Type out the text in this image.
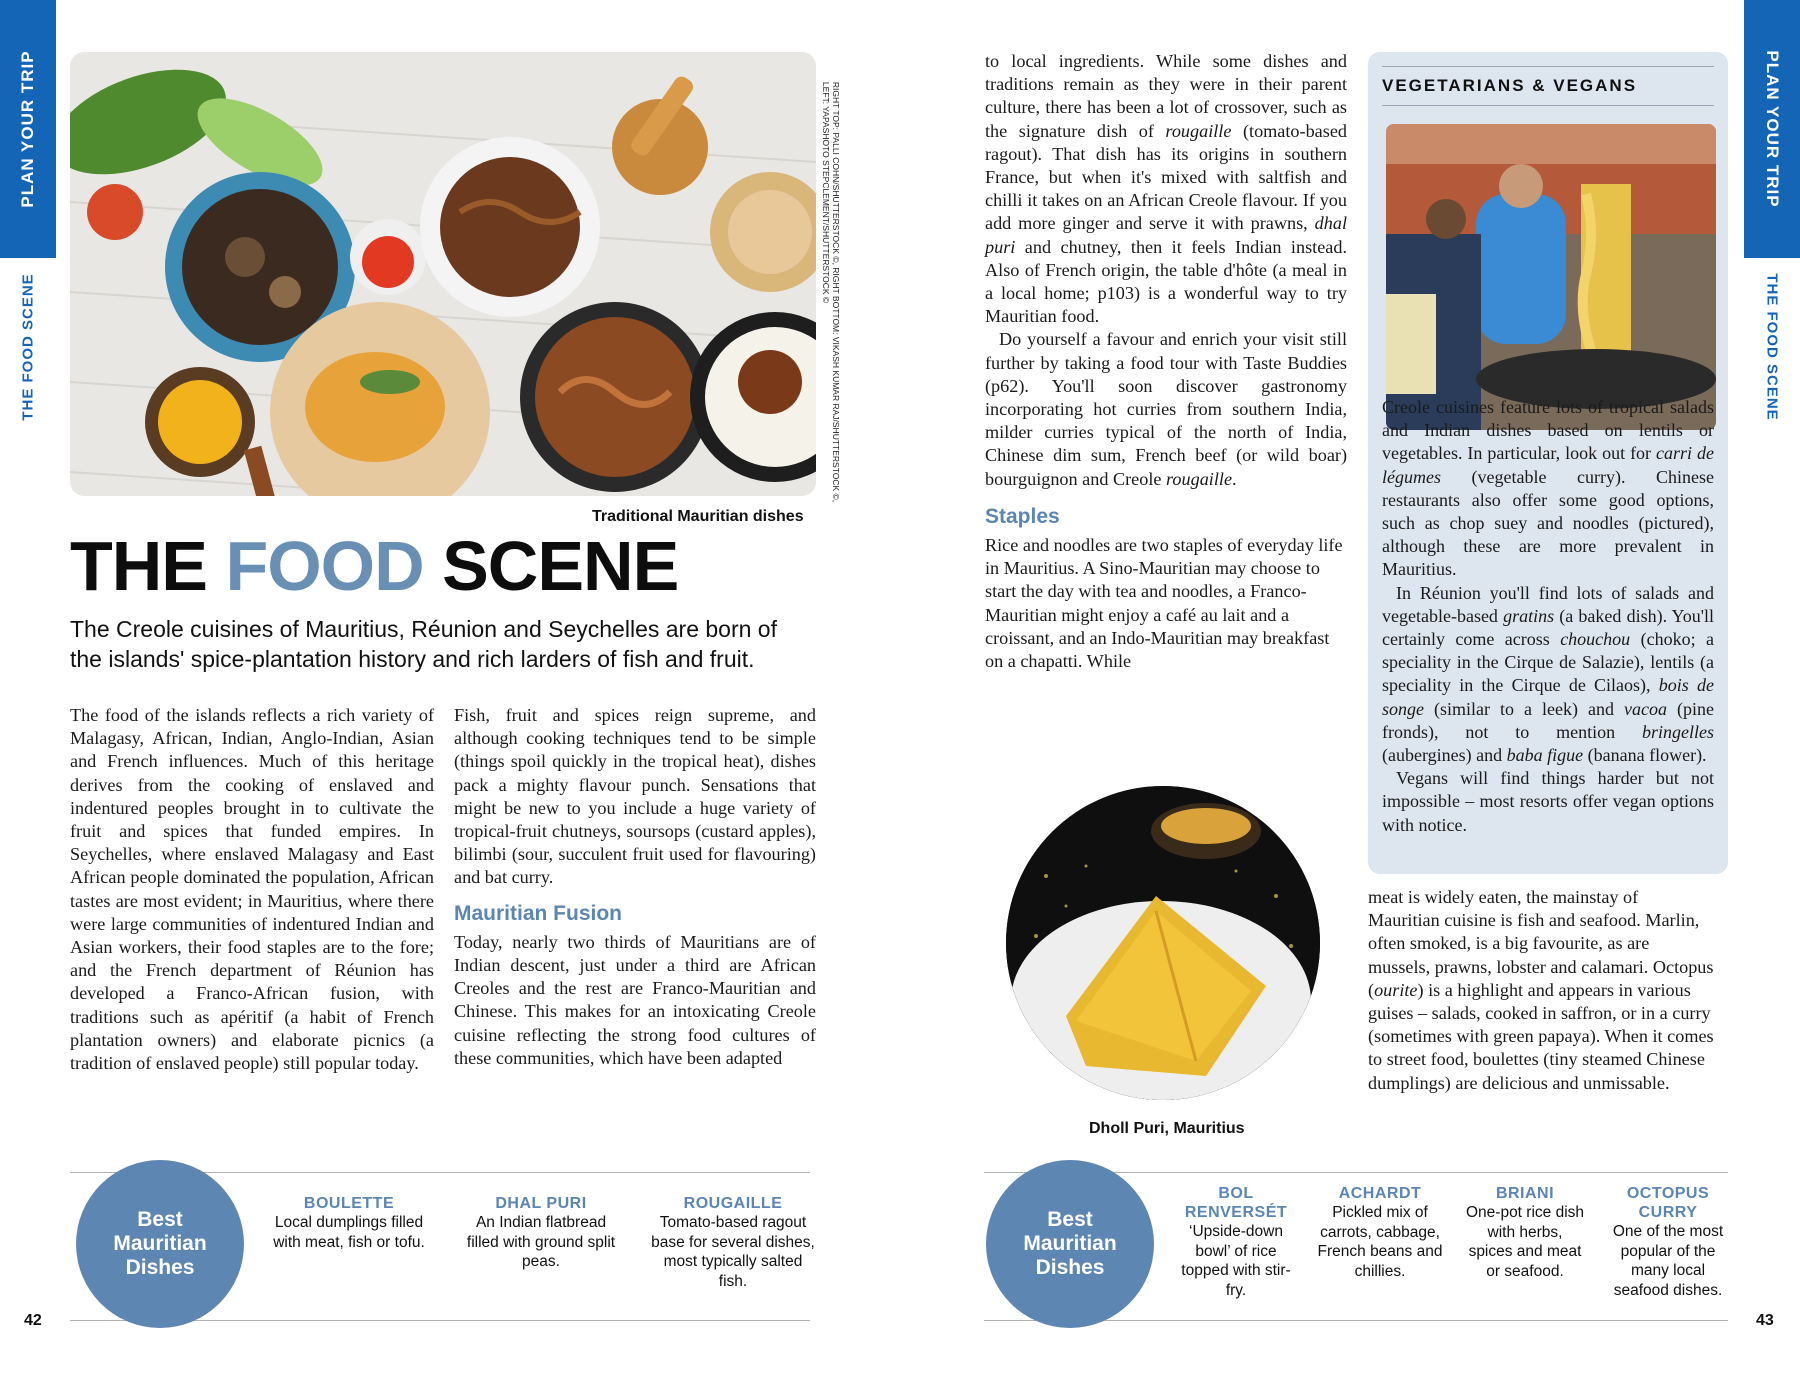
PLAN YOUR TRIP
THE FOOD SCENE
PLAN YOUR TRIP
THE FOOD SCENE
RIGHT TOP: PALLI COHN/SHUTTERSTOCK ©, RIGHT BOTTOM: VIKASH KUMAR RAJ/SHUTTERSTOCK ©,
LEFT: YAPASHOTO STEPCLEMENT/SHUTTERSTOCK ©
Traditional Mauritian dishes
THE FOOD SCENE
The Creole cuisines of Mauritius, Réunion and Seychelles are born of the islands' spice-plantation history and rich larders of fish and fruit.

The food of the islands reflects a rich variety of Malagasy, African, Indian, Anglo-Indian, Asian and French influences. Much of this heritage derives from the cooking of enslaved and indentured peoples brought in to cultivate the fruit and spices that funded empires. In Seychelles, where enslaved Malagasy and East African people dominated the population, African tastes are most evident; in Mauritius, where there were large communities of indentured Indian and Asian workers, their food staples are to the fore; and the French department of Réunion has developed a Franco-African fusion, with traditions such as apéritif (a habit of French plantation owners) and elaborate picnics (a tradition of enslaved people) still popular today.

Fish, fruit and spices reign supreme, and although cooking techniques tend to be simple (things spoil quickly in the tropical heat), dishes pack a mighty flavour punch. Sensations that might be new to you include a huge variety of tropical-fruit chutneys, soursops (custard apples), bilimbi (sour, succulent fruit used for flavouring) and bat curry.

Mauritian Fusion

Today, nearly two thirds of Mauritians are of Indian descent, just under a third are African Creoles and the rest are Franco-Mauritian and Chinese. This makes for an intoxicating Creole cuisine reflecting the strong food cultures of these communities, which have been adapted

to local ingredients. While some dishes and traditions remain as they were in their parent culture, there has been a lot of crossover, such as the signature dish of rougaille (tomato-based ragout). That dish has its origins in southern France, but when it's mixed with saltfish and chilli it takes on an African Creole flavour. If you add more ginger and serve it with prawns, dhal puri and chutney, then it feels Indian instead. Also of French origin, the table d'hôte (a meal in a local home; p103) is a wonderful way to try Mauritian food.

Do yourself a favour and enrich your visit still further by taking a food tour with Taste Buddies (p62). You'll soon discover gastronomy incorporating hot curries from southern India, milder curries typical of the north of India, Chinese dim sum, French beef (or wild boar) bourguignon and Creole rougaille.

Staples

Rice and noodles are two staples of everyday life in Mauritius. A Sino-Mauritian may choose to start the day with tea and noodles, a Franco-Mauritian might enjoy a café au lait and a croissant, and an Indo-Mauritian may breakfast on a chapatti. While

VEGETARIANS & VEGANS

Creole cuisines feature lots of tropical salads and Indian dishes based on lentils or vegetables. In particular, look out for carri de légumes (vegetable curry). Chinese restaurants also offer some good options, such as chop suey and noodles (pictured), although these are more prevalent in Mauritius.

In Réunion you'll find lots of salads and vegetable-based gratins (a baked dish). You'll certainly come across chouchou (choko; a speciality in the Cirque de Salazie), lentils (a speciality in the Cirque de Cilaos), bois de songe (similar to a leek) and vacoa (pine fronds), not to mention bringelles (aubergines) and baba figue (banana flower).

Vegans will find things harder but not impossible – most resorts offer vegan options with notice.

Dholl Puri, Mauritius

meat is widely eaten, the mainstay of Mauritian cuisine is fish and seafood. Marlin, often smoked, is a big favourite, as are mussels, prawns, lobster and calamari. Octopus (ourite) is a highlight and appears in various guises – salads, cooked in saffron, or in a curry (sometimes with green papaya). When it comes to street food, boulettes (tiny steamed Chinese dumplings) are delicious and unmissable.

Best Mauritian Dishes
BOULETTE
Local dumplings filled with meat, fish or tofu.
DHAL PURI
An Indian flatbread filled with ground split peas.
ROUGAILLE
Tomato-based ragout base for several dishes, most typically salted fish.
Best Mauritian Dishes
BOL RENVERSÉT
‘Upside-down bowl’ of rice topped with stir-fry.
ACHARDT
Pickled mix of carrots, cabbage, French beans and chillies.
BRIANI
One-pot rice dish with herbs, spices and meat or seafood.
OCTOPUS CURRY
One of the most popular of the many local seafood dishes.
42	43
